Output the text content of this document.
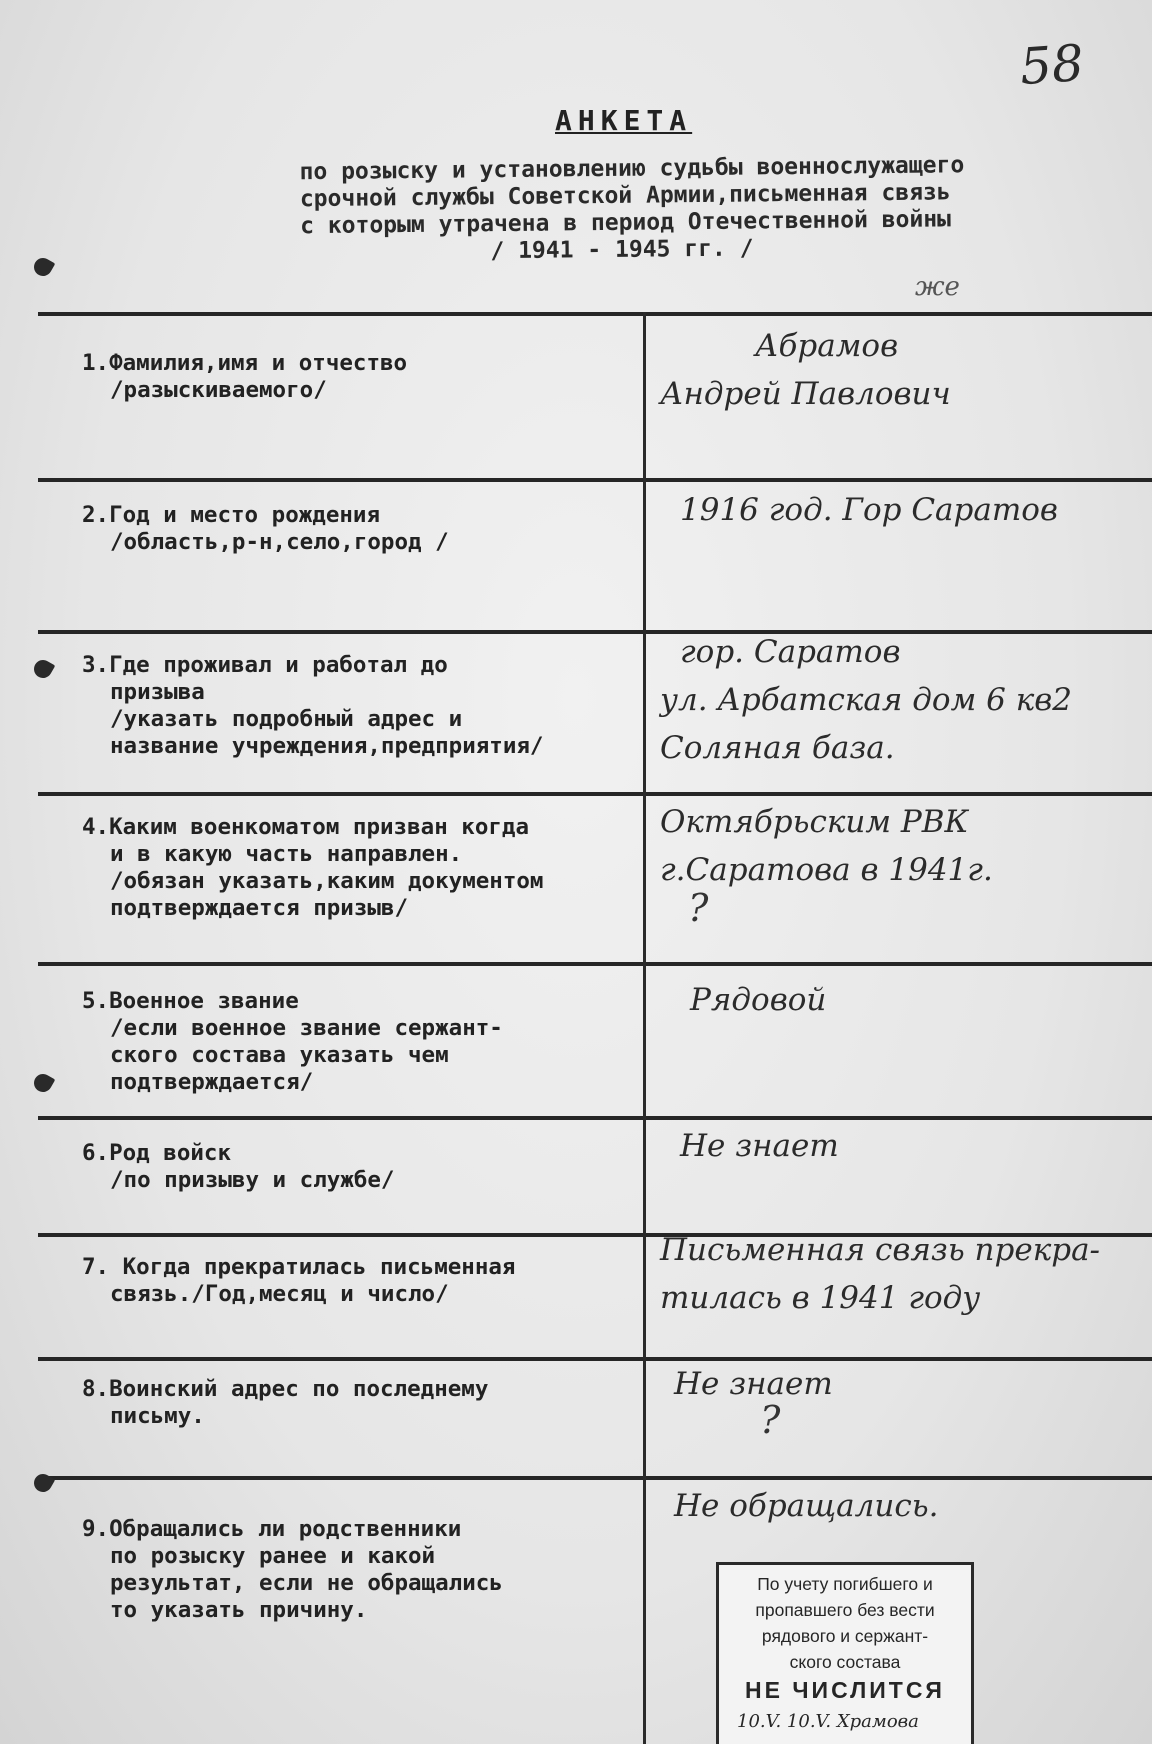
58
АНКЕТА
по розыску и установлению судьбы военнослужащего
срочной службы Советской Армии,письменная связь
с которым утрачена в период Отечественной войны
/ 1941 - 1945 гг. /
же
1.Фамилия,имя и отчество
/разыскиваемого/
Абрамов
Андрей Павлович
2.Год и место рождения
/область,р-н,село,город /
1916 год. Гор Саратов
3.Где проживал и работал до
призыва
/указать подробный адрес и
название учреждения,предприятия/
гор. Саратов
ул. Арбатская дом 6 кв2
Соляная база.
4.Каким военкоматом призван когда
и в какую часть направлен.
/обязан указать,каким документом
подтверждается призыв/
Октябрьским РВК
г.Саратова в 1941г.
?
5.Военное звание
/если военное звание сержант-
ского состава указать чем
подтверждается/
Рядовой
6.Род войск
/по призыву и службе/
Не знает
7. Когда прекратилась письменная
связь./Год,месяц и число/
Письменная связь прекра-
тилась в 1941 году
8.Воинский адрес по последнему
письму.
Не знает
?
9.Обращались ли родственники
по розыску ранее и какой
результат, если не обращались
то указать причину.
Не обращались.
По учету погибшего и
пропавшего без вести
рядового и сержант-
ского состава
НЕ ЧИСЛИТСЯ
10.V. 10.V. Храмова
